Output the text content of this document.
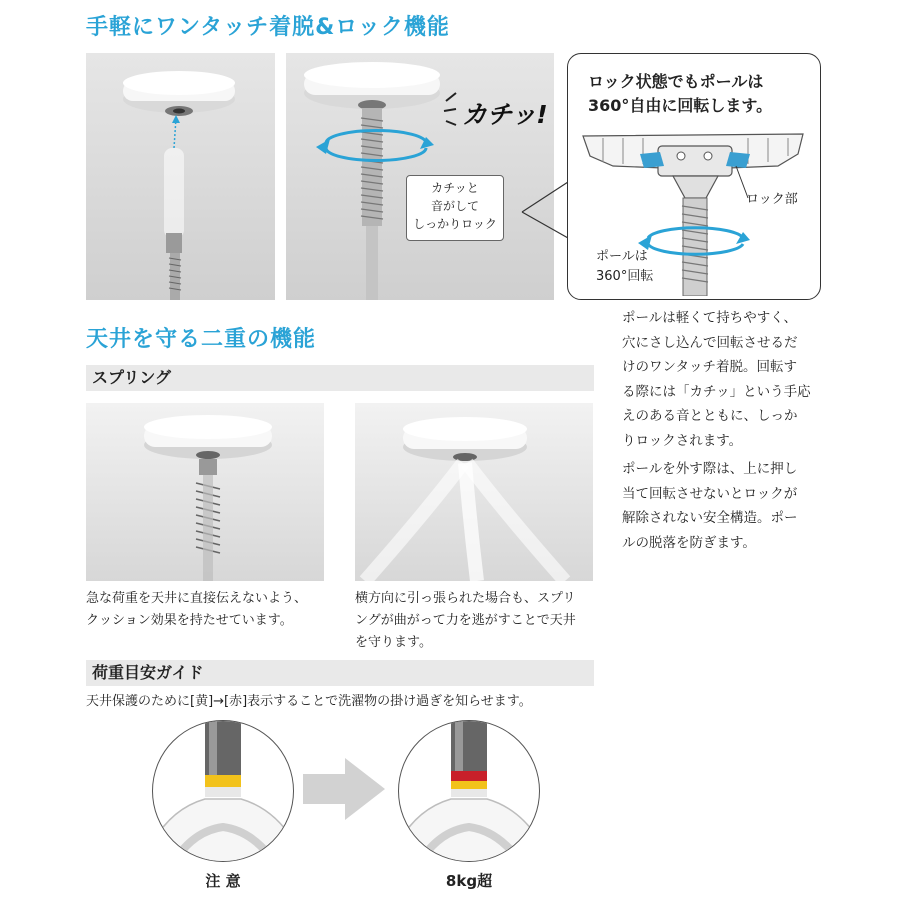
手軽にワンタッチ着脱&ロック機能
カチッ!
カチッと
音がして
しっかりロック
ロック状態でもポールは
360°自由に回転します。
ロック部
ポールは
360°回転
天井を守る二重の機能
スプリング
急な荷重を天井に直接伝えないよう、
クッション効果を持たせています。
横方向に引っ張られた場合も、スプリ
ングが曲がって力を逃がすことで天井
を守ります。
ポールは軽くて持ちやすく、
穴にさし込んで回転させるだ
けのワンタッチ着脱。回転す
る際には「カチッ」という手応
えのある音とともに、しっか
りロックされます。
ポールを外す際は、上に押し
当て回転させないとロックが
解除されない安全構造。ポー
ルの脱落を防ぎます。
荷重目安ガイド
天井保護のために[黄]→[赤]表示することで洗濯物の掛け過ぎを知らせます。
注 意	8kg超
